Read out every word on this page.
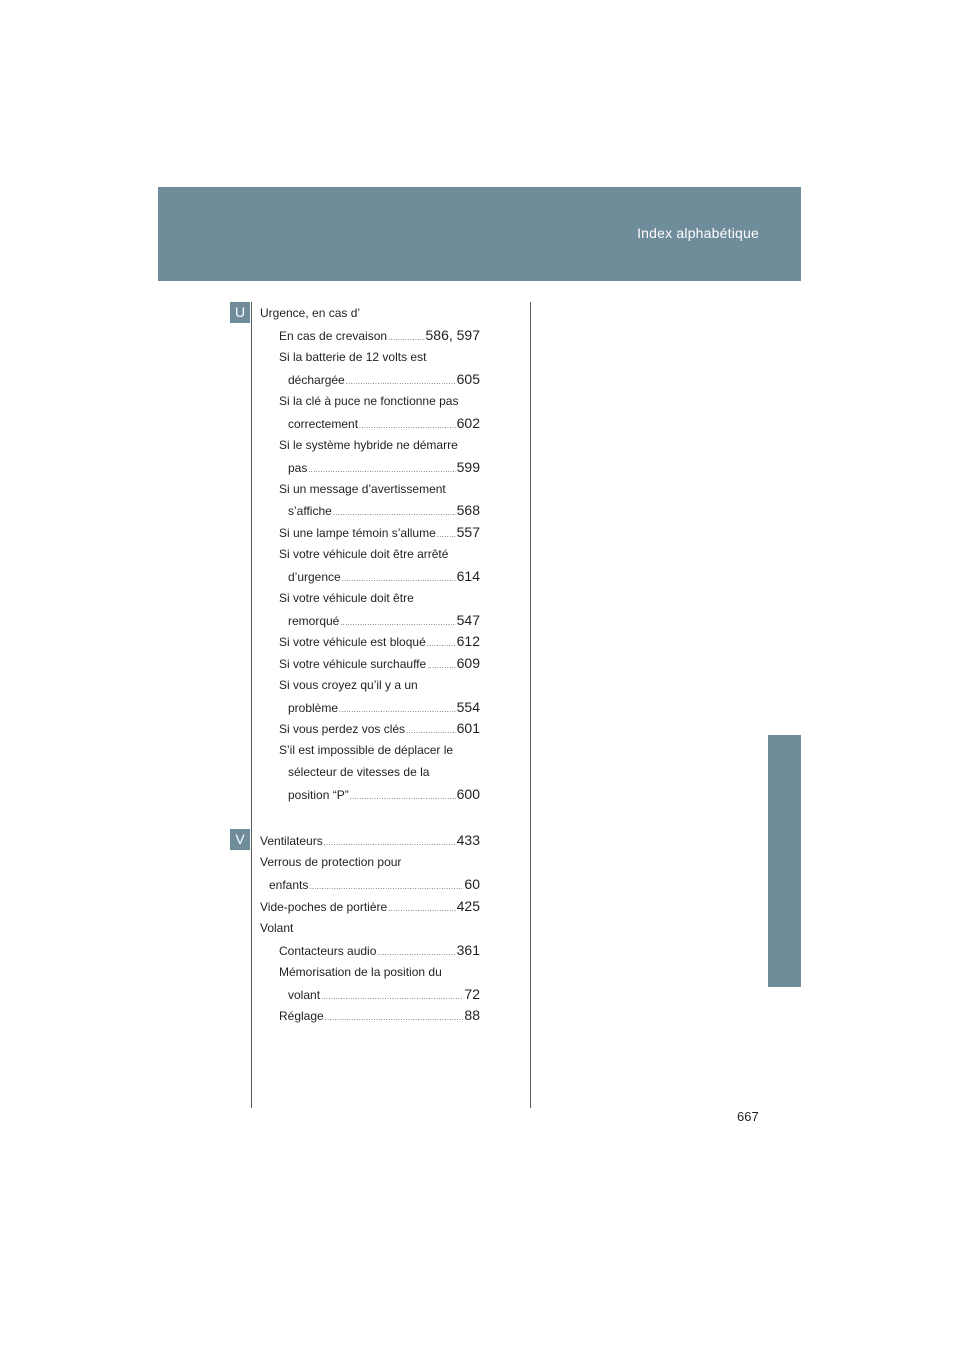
Index alphabétique
U
V
Urgence, en cas d’
En cas de crevaison .....	586, 597
Si la batterie de 12 volts est
déchargée .....	605
Si la clé à puce ne fonctionne pas
correctement .....	602
Si le système hybride ne démarre
pas .....	599
Si un message d’avertissement
s’affiche .....	568
Si une lampe témoin s’allume ..... 557
Si votre véhicule doit être arrêté
d’urgence .....	614
Si votre véhicule doit être
remorqué .....	547
Si votre véhicule est bloqué ..... 612
Si votre véhicule surchauffe ..... 609
Si vous croyez qu’il y a un
problème .....	554
Si vous perdez vos clés .....	601
S’il est impossible de déplacer le
sélecteur de vitesses de la
position “P” .....	600
Ventilateurs .....	433
Verrous de protection pour
enfants .....	60
Vide-poches de portière .....	425
Volant
Contacteurs audio .....	361
Mémorisation de la position du
volant .....	72
Réglage .....	88
667
